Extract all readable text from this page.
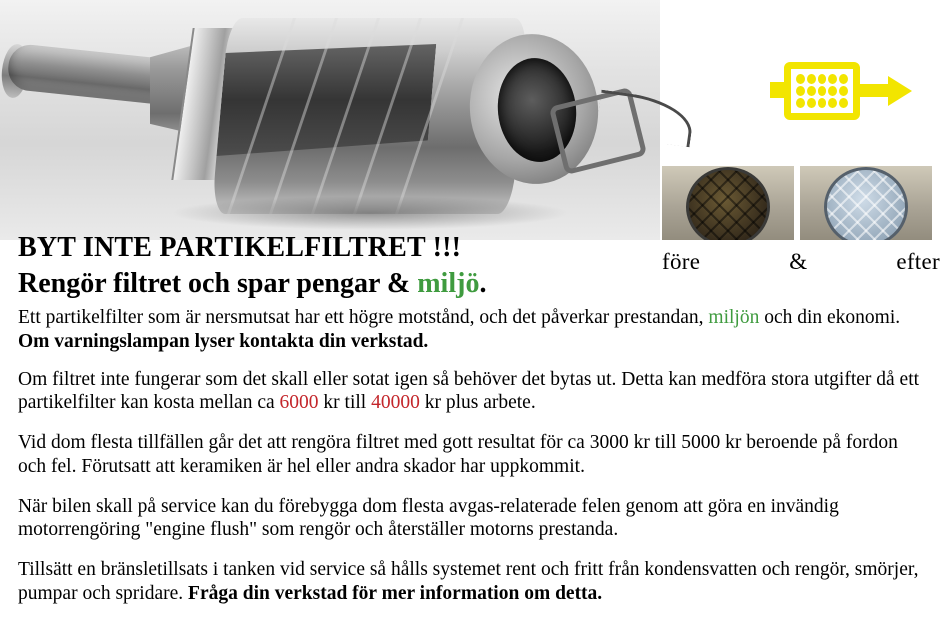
före	&	efter
BYT INTE PARTIKELFILTRET !!!
Rengör filtret och spar pengar & miljö.

Ett partikelfilter som är nersmutsat har ett högre motstånd, och det påverkar prestandan, miljön och din ekonomi. Om varningslampan lyser kontakta din verkstad.

Om filtret inte fungerar som det skall eller sotat igen så behöver det bytas ut. Detta kan medföra stora utgifter då ett partikelfilter kan kosta mellan ca 6000 kr till 40000 kr plus arbete.

Vid dom flesta tillfällen går det att rengöra filtret med gott resultat för ca 3000 kr till 5000 kr beroende på fordon och fel. Förutsatt att keramiken är hel eller andra skador har uppkommit.

När bilen skall på service kan du förebygga dom flesta avgas-relaterade felen genom att göra en invändig motorrengöring "engine flush" som rengör och återställer motorns prestanda.

Tillsätt en bränsletillsats i tanken vid service så hålls systemet rent och fritt från kondensvatten och rengör, smörjer, pumpar och spridare. Fråga din verkstad för mer information om detta.
